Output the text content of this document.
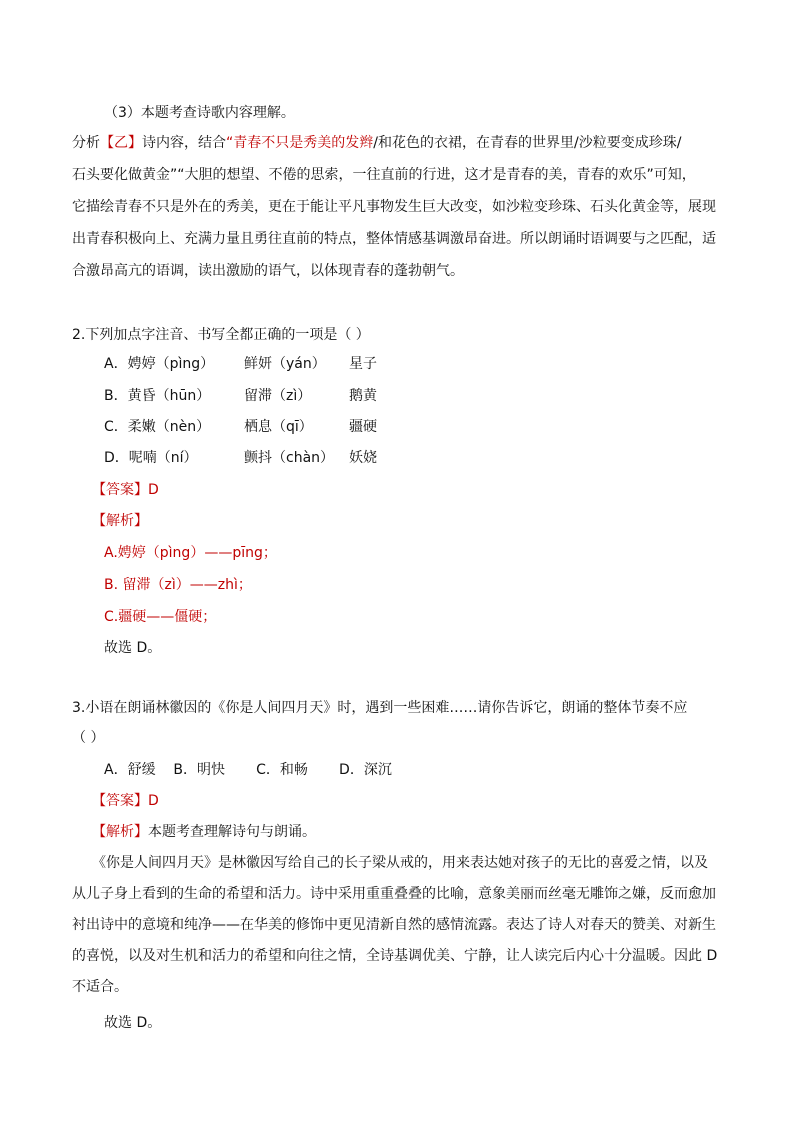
（3）本题考查诗歌内容理解。
分析【乙】诗内容，结合“青春不只是秀美的发辫/和花色的衣裙，在青春的世界里/沙粒要变成珍珠/
石头要化做黄金”“大胆的想望、不倦的思索，一往直前的行进，这才是青春的美，青春的欢乐”可知，
它描绘青春不只是外在的秀美，更在于能让平凡事物发生巨大改变，如沙粒变珍珠、石头化黄金等，展现
出青春积极向上、充满力量且勇往直前的特点，整体情感基调激昂奋进。所以朗诵时语调要与之匹配，适
合激昂高亢的语调，读出激励的语气，以体现青春的蓬勃朝气。
2.下列加点字注音、书写全都正确的一项是（ ）
A．娉婷（pìng） 鲜妍（yán） 星子
B．黄昏（hūn） 留滞（zì）	鹅黄
C．柔嫩（nèn） 栖息（qī）	疆硬
D．呢喃（ní）	颤抖（chàn） 妖娆
【答案】D
【解析】
A.娉婷（pìng）——pīng；
B. 留滞（zì）——zhì；
C.疆硬——僵硬；
故选 D。
3.小语在朗诵林徽因的《你是人间四月天》时，遇到一些困难……请你告诉它，朗诵的整体节奏不应
（ ）
A．舒缓    B．明快       C．和畅       D．深沉
【答案】D
【解析】本题考查理解诗句与朗诵。
《你是人间四月天》是林徽因写给自己的长子梁从戒的，用来表达她对孩子的无比的喜爱之情，以及
从儿子身上看到的生命的希望和活力。诗中采用重重叠叠的比喻，意象美丽而丝毫无雕饰之嫌，反而愈加
衬出诗中的意境和纯净——在华美的修饰中更见清新自然的感情流露。表达了诗人对春天的赞美、对新生
的喜悦，以及对生机和活力的希望和向往之情，全诗基调优美、宁静，让人读完后内心十分温暖。因此 D
不适合。
故选 D。
